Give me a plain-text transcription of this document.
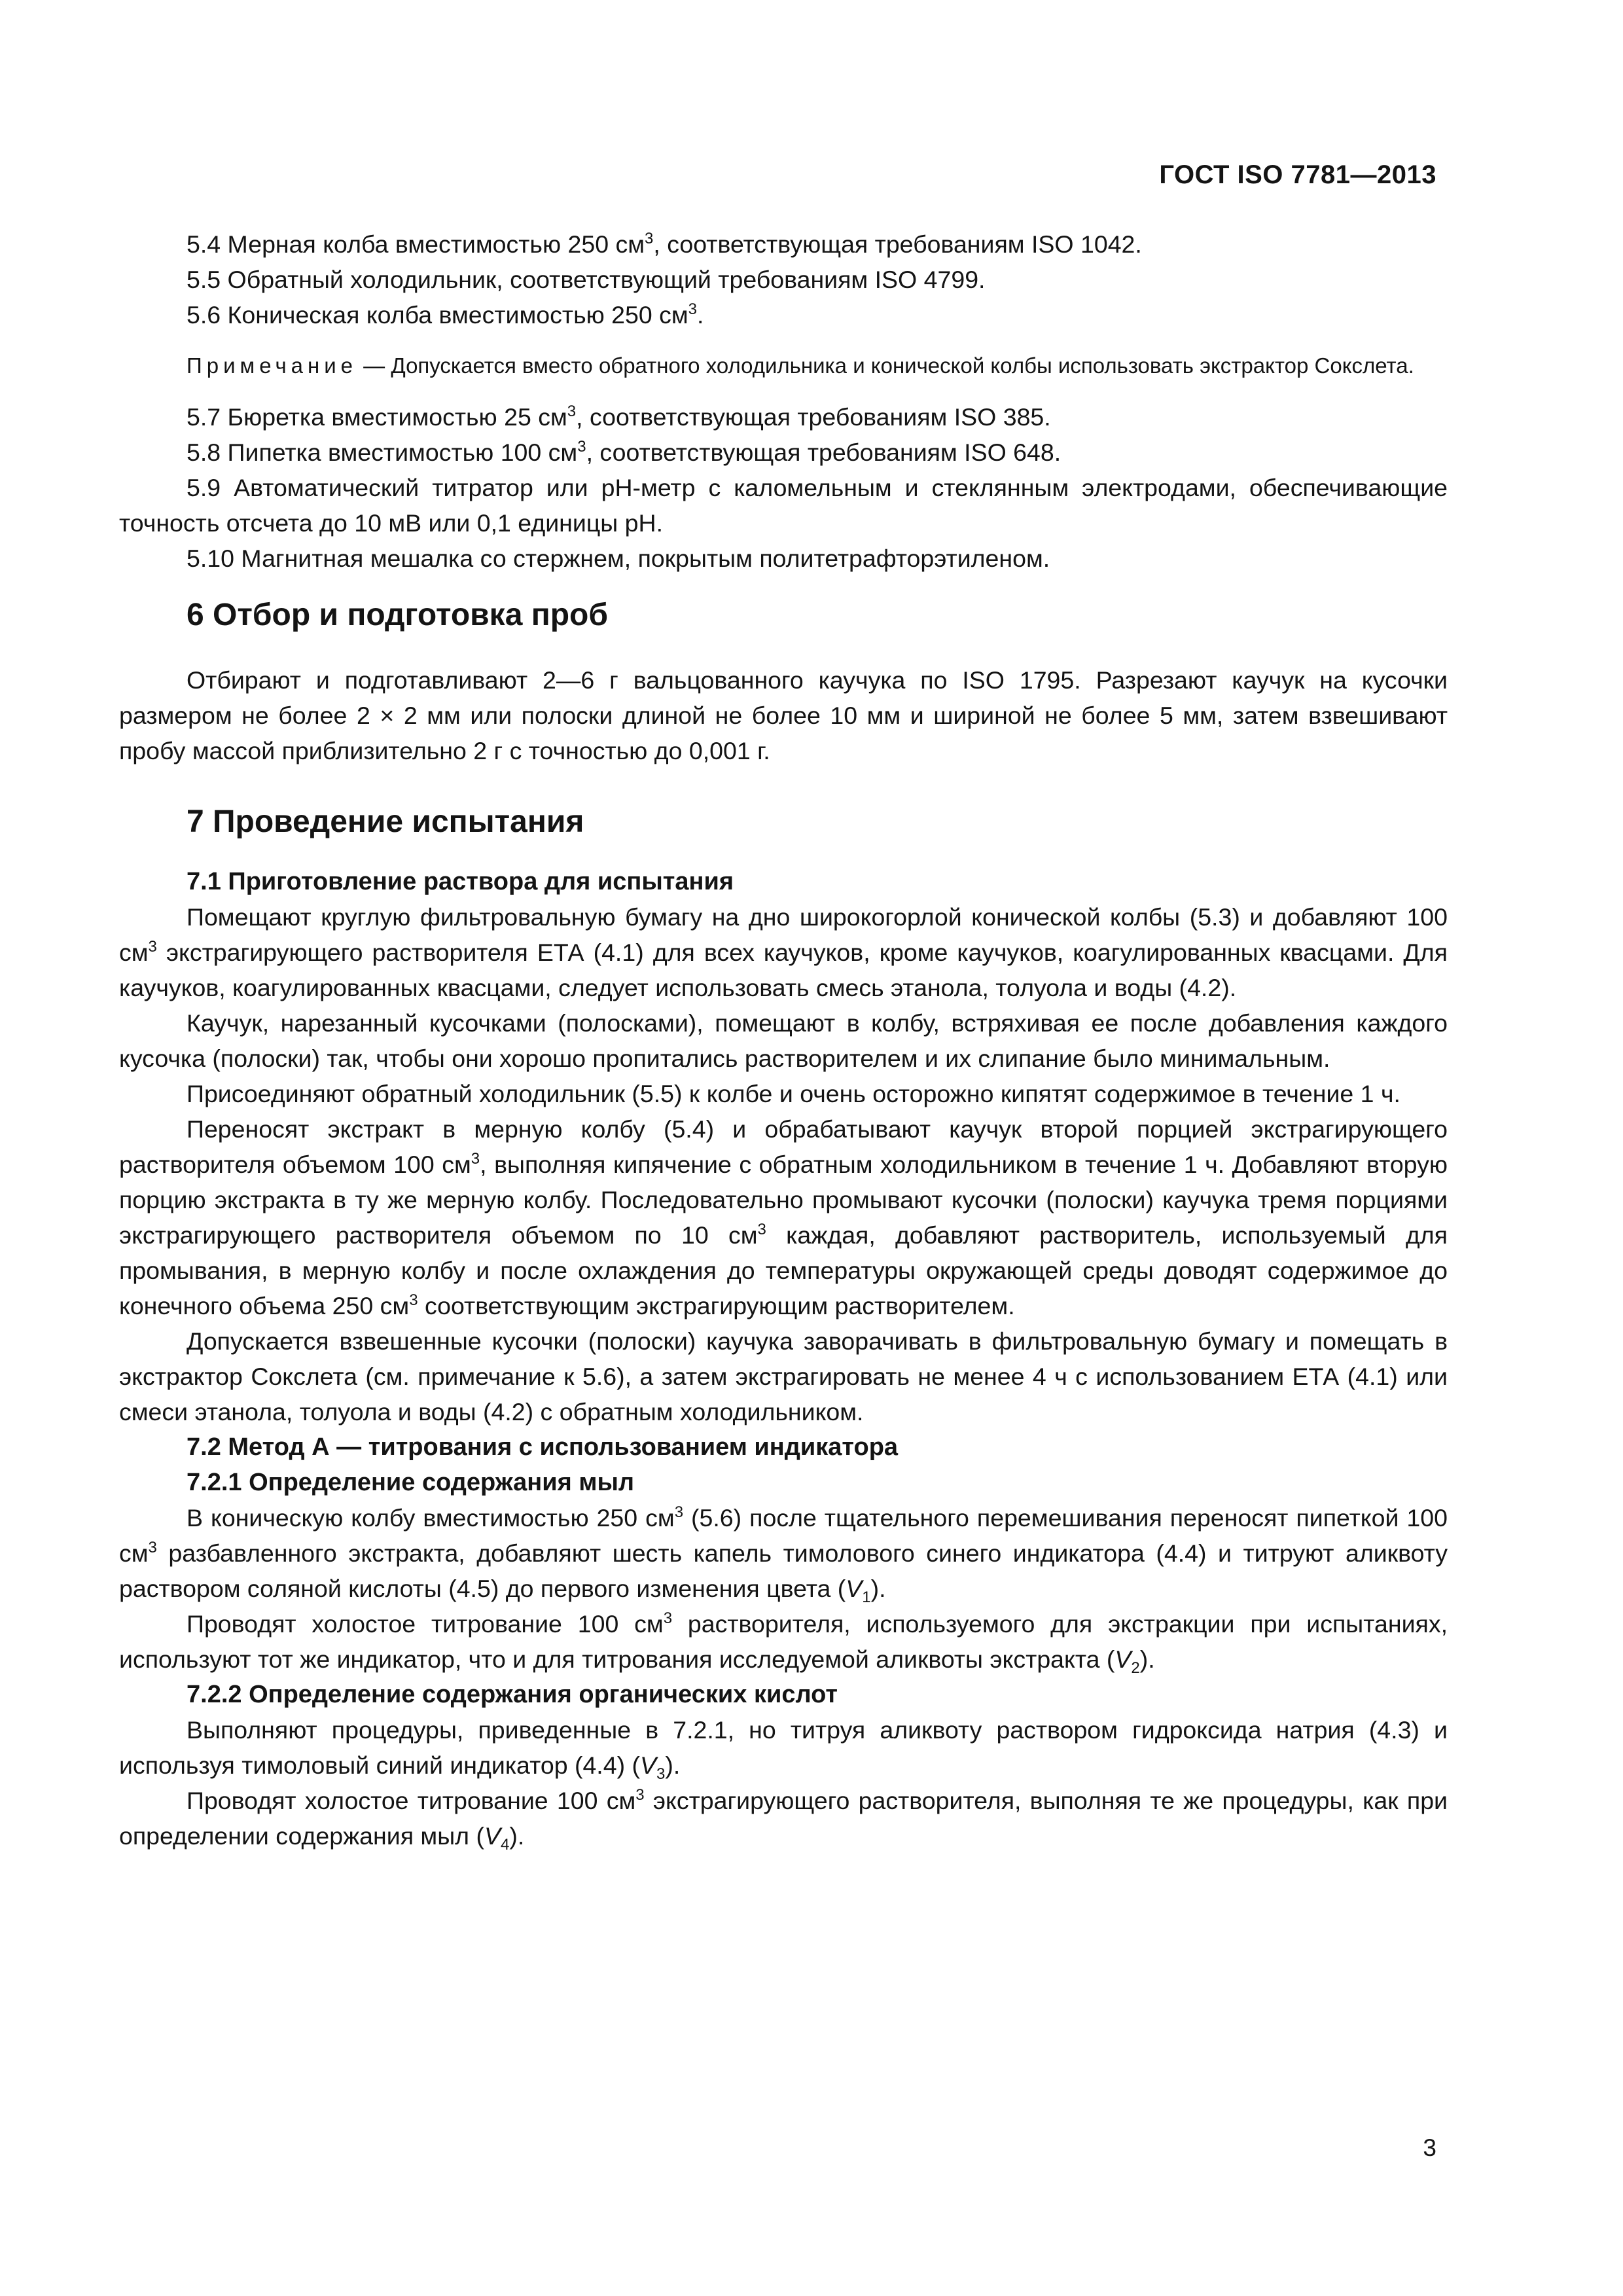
ГОСТ ISO 7781—2013

5.4 Мерная колба вместимостью 250 $см^3$, соответствующая требованиям ISO 1042.

5.5 Обратный холодильник, соответствующий требованиям ISO 4799.

5.6 Коническая колба вместимостью 250 $см^3$.

Примечание — Допускается вместо обратного холодильника и конической колбы использовать экстрактор Сокслета.

5.7 Бюретка вместимостью 25 $см^3$, соответствующая требованиям ISO 385.

5.8 Пипетка вместимостью 100 $см^3$, соответствующая требованиям ISO 648.

5.9 Автоматический титратор или рН-метр с каломельным и стеклянным электродами, обеспечивающие точность отсчета до 10 мВ или 0,1 единицы рН.

5.10 Магнитная мешалка со стержнем, покрытым политетрафторэтиленом.

6 Отбор и подготовка проб

Отбирают и подготавливают 2—6 г вальцованного каучука по ISO 1795. Разрезают каучук на кусочки размером не более 2 × 2 мм или полоски длиной не более 10 мм и шириной не более 5 мм, затем взвешивают пробу массой приблизительно 2 г с точностью до 0,001 г.

7 Проведение испытания
7.1 Приготовление раствора для испытания

Помещают круглую фильтровальную бумагу на дно широкогорлой конической колбы (5.3) и добавляют 100 $см^3$ экстрагирующего растворителя ЕТА (4.1) для всех каучуков, кроме каучуков, коагулированных квасцами. Для каучуков, коагулированных квасцами, следует использовать смесь этанола, толуола и воды (4.2).

Каучук, нарезанный кусочками (полосками), помещают в колбу, встряхивая ее после добавления каждого кусочка (полоски) так, чтобы они хорошо пропитались растворителем и их слипание было минимальным.

Присоединяют обратный холодильник (5.5) к колбе и очень осторожно кипятят содержимое в течение 1 ч.

Переносят экстракт в мерную колбу (5.4) и обрабатывают каучук второй порцией экстрагирующего растворителя объемом 100 $см^3$, выполняя кипячение с обратным холодильником в течение 1 ч. Добавляют вторую порцию экстракта в ту же мерную колбу. Последовательно промывают кусочки (полоски) каучука тремя порциями экстрагирующего растворителя объемом по 10 $см^3$ каждая, добавляют растворитель, используемый для промывания, в мерную колбу и после охлаждения до температуры окружающей среды доводят содержимое до конечного объема 250 $см^3$ соответствующим экстрагирующим растворителем.

Допускается взвешенные кусочки (полоски) каучука заворачивать в фильтровальную бумагу и помещать в экстрактор Сокслета (см. примечание к 5.6), а затем экстрагировать не менее 4 ч с использованием ЕТА (4.1) или смеси этанола, толуола и воды (4.2) с обратным холодильником.

7.2 Метод А — титрования с использованием индикатора
7.2.1 Определение содержания мыл

В коническую колбу вместимостью 250 $см^3$ (5.6) после тщательного перемешивания переносят пипеткой 100 $см^3$ разбавленного экстракта, добавляют шесть капель тимолового синего индикатора (4.4) и титруют аликвоту раствором соляной кислоты (4.5) до первого изменения цвета $(V_1)$.

Проводят холостое титрование 100 $см^3$ растворителя, используемого для экстракции при испытаниях, используют тот же индикатор, что и для титрования исследуемой аликвоты экстракта $(V_2)$.

7.2.2 Определение содержания органических кислот

Выполняют процедуры, приведенные в 7.2.1, но титруя аликвоту раствором гидроксида натрия (4.3) и используя тимоловый синий индикатор (4.4) $(V_3)$.

Проводят холостое титрование 100 $см^3$ экстрагирующего растворителя, выполняя те же процедуры, как при определении содержания мыл $(V_4)$.

3
